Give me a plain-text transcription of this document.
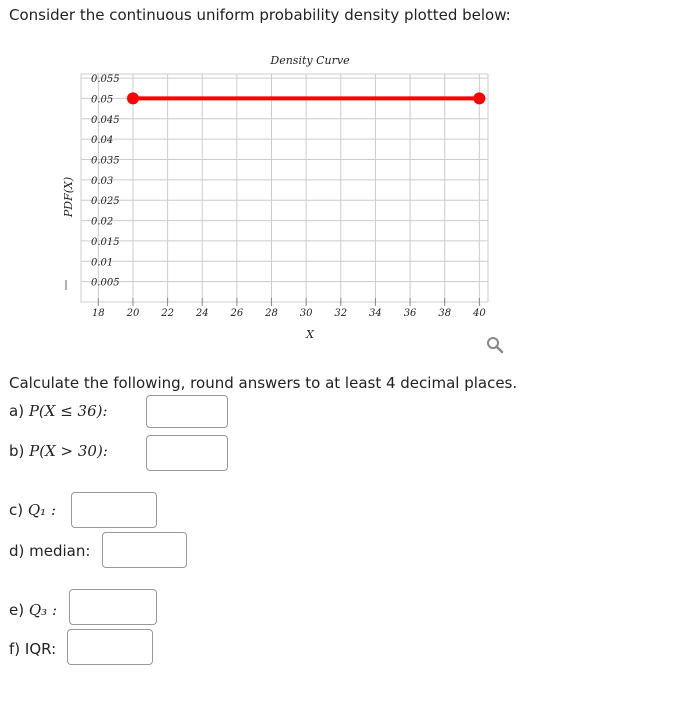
Consider the continuous uniform probability density plotted below:
Density Curve
18 20 22 24 26 28 30 32 34 36 38 40
0.005
0.01
0.015
0.02
0.025
0.03
0.035
0.04
0.045
0.05
0.055
X
PDF(X)
Calculate the following, round answers to at least 4 decimal places.
a) P(X ≤ 36):
b) P(X > 30):
c) Q₁ :
d) median:
e) Q₃ :
f) IQR:
